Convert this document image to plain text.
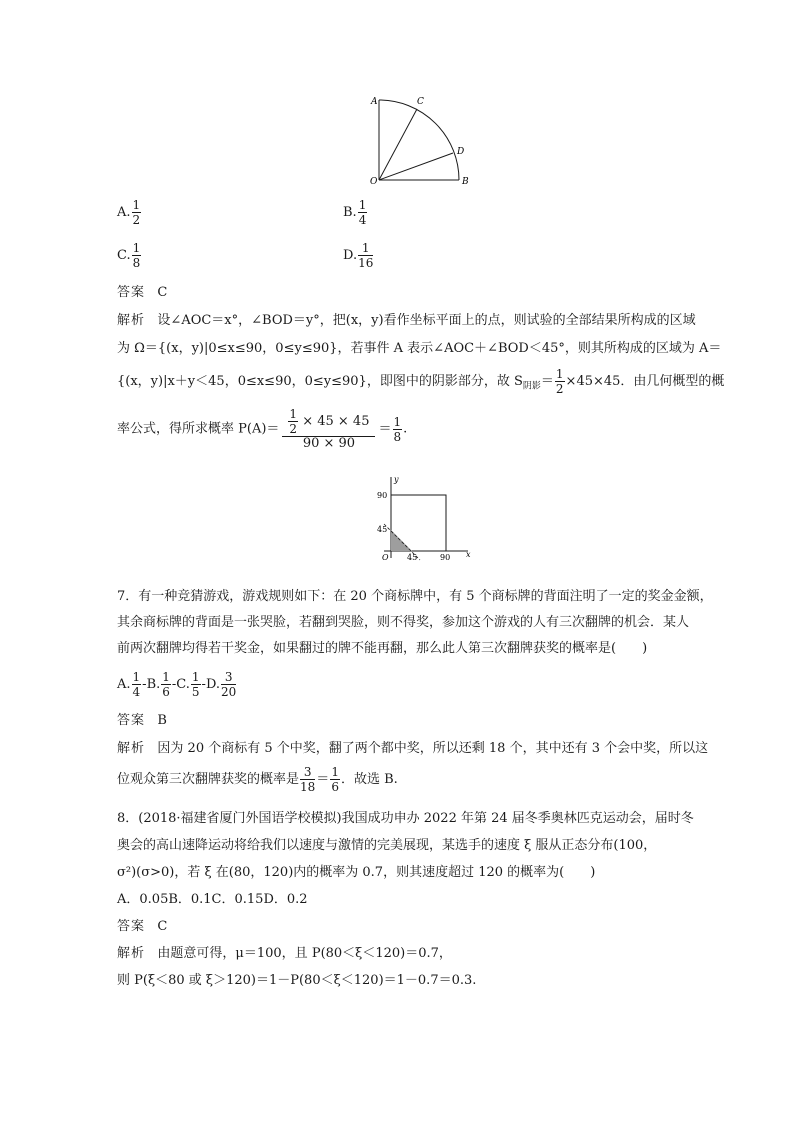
A	C
D
O	B
A. $\frac{1}{2}$	B. $\frac{1}{4}$
C. $\frac{1}{8}$	D. $\frac{1}{16}$
答案 C
解析 设∠AOC＝x°，∠BOD＝y°，把(x，y)看作坐标平面上的点，则试验的全部结果所构成的区域
为 Ω＝{(x，y)|0≤x≤90，0≤y≤90}，若事件 A 表示∠AOC＋∠BOD＜45°，则其所构成的区域为 A＝
{(x，y)|x＋y＜45，0≤x≤90，0≤y≤90}，即图中的阴影部分，故 $S_{阴影}= \frac{1}{2} \times 45\times 45$．由几何概型的概
率公式，得所求概率 $P(A)= \frac{\frac{1}{2} \times 45 \times 45}{90 \times 90} = \frac{1}{8}$ .
y
x
90
45
O 45	90
7．有一种竞猜游戏，游戏规则如下：在 20 个商标牌中，有 5 个商标牌的背面注明了一定的奖金金额，
其余商标牌的背面是一张哭脸，若翻到哭脸，则不得奖，参加这个游戏的人有三次翻牌的机会．某人
前两次翻牌均得若干奖金，如果翻过的牌不能再翻，那么此人第三次翻牌获奖的概率是(　　)
A. $\frac{1}{4} -B$. $\frac{1}{6} -C$. $\frac{1}{5} -D$. $\frac{3}{20}$
答案 B
解析 因为 20 个商标有 5 个中奖，翻了两个都中奖，所以还剩 18 个，其中还有 3 个会中奖，所以这
位观众第三次翻牌获奖的概率是 $\frac{3}{18} = \frac{1}{6}$ ．故选 B.
8．(2018·福建省厦门外国语学校模拟)我国成功申办 2022 年第 24 届冬季奥林匹克运动会，届时冬
奥会的高山速降运动将给我们以速度与激情的完美展现，某选手的速度 ξ 服从正态分布(100，
σ²)(σ>0)，若 ξ 在(80，120)内的概率为 0.7，则其速度超过 120 的概率为(　　)
A．0.05B．0.1C．0.15D．0.2
答案 C
解析 由题意可得，μ＝100，且 P(80＜ξ＜120)＝0.7，
则 P(ξ＜80 或 ξ＞120)＝1－P(80＜ξ＜120)＝1－0.7＝0.3.
